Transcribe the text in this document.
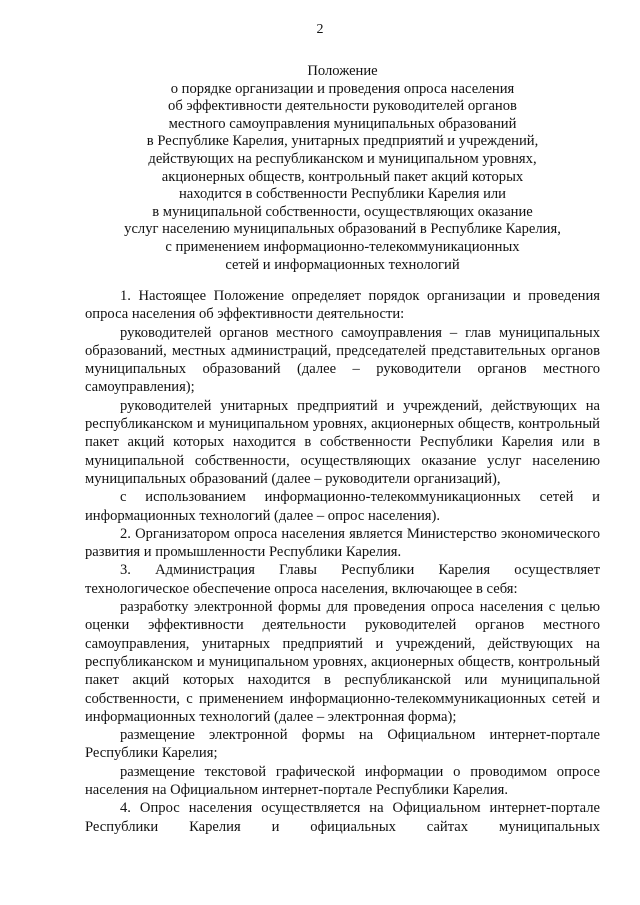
2
Положение
о порядке организации и проведения опроса населения
об эффективности деятельности руководителей органов
местного самоуправления муниципальных образований
в Республике Карелия, унитарных предприятий и учреждений,
действующих на республиканском и муниципальном уровнях,
акционерных обществ, контрольный пакет акций которых
находится в собственности Республики Карелия или
в муниципальной собственности, осуществляющих оказание
услуг населению муниципальных образований в Республике Карелия,
с применением информационно-телекоммуникационных
сетей и информационных технологий

1. Настоящее Положение определяет порядок организации и проведения опроса населения об эффективности деятельности:

руководителей органов местного самоуправления – глав муниципальных образований, местных администраций, председателей представительных органов муниципальных образований (далее – руководители органов местного самоуправления);

руководителей унитарных предприятий и учреждений, действующих на республиканском и муниципальном уровнях, акционерных обществ, контрольный пакет акций которых находится в собственности Республики Карелия или в муниципальной собственности, осуществляющих оказание услуг населению муниципальных образований (далее – руководители организаций),

с использованием информационно-телекоммуникационных сетей и информационных технологий (далее – опрос населения).

2. Организатором опроса населения является Министерство экономического развития и промышленности Республики Карелия.

3. Администрация Главы Республики Карелия осуществляет технологическое обеспечение опроса населения, включающее в себя:

разработку электронной формы для проведения опроса населения с целью оценки эффективности деятельности руководителей органов местного самоуправления, унитарных предприятий и учреждений, действующих на республиканском и муниципальном уровнях, акционерных обществ, контрольный пакет акций которых находится в республиканской или муниципальной собственности, с применением информационно-телекоммуникационных сетей и информационных технологий (далее – электронная форма);

размещение электронной формы на Официальном интернет-портале Республики Карелия;

размещение текстовой графической информации о проводимом опросе населения на Официальном интернет-портале Республики Карелия.

4. Опрос населения осуществляется на Официальном интернет-портале Республики Карелия и официальных сайтах муниципальных
